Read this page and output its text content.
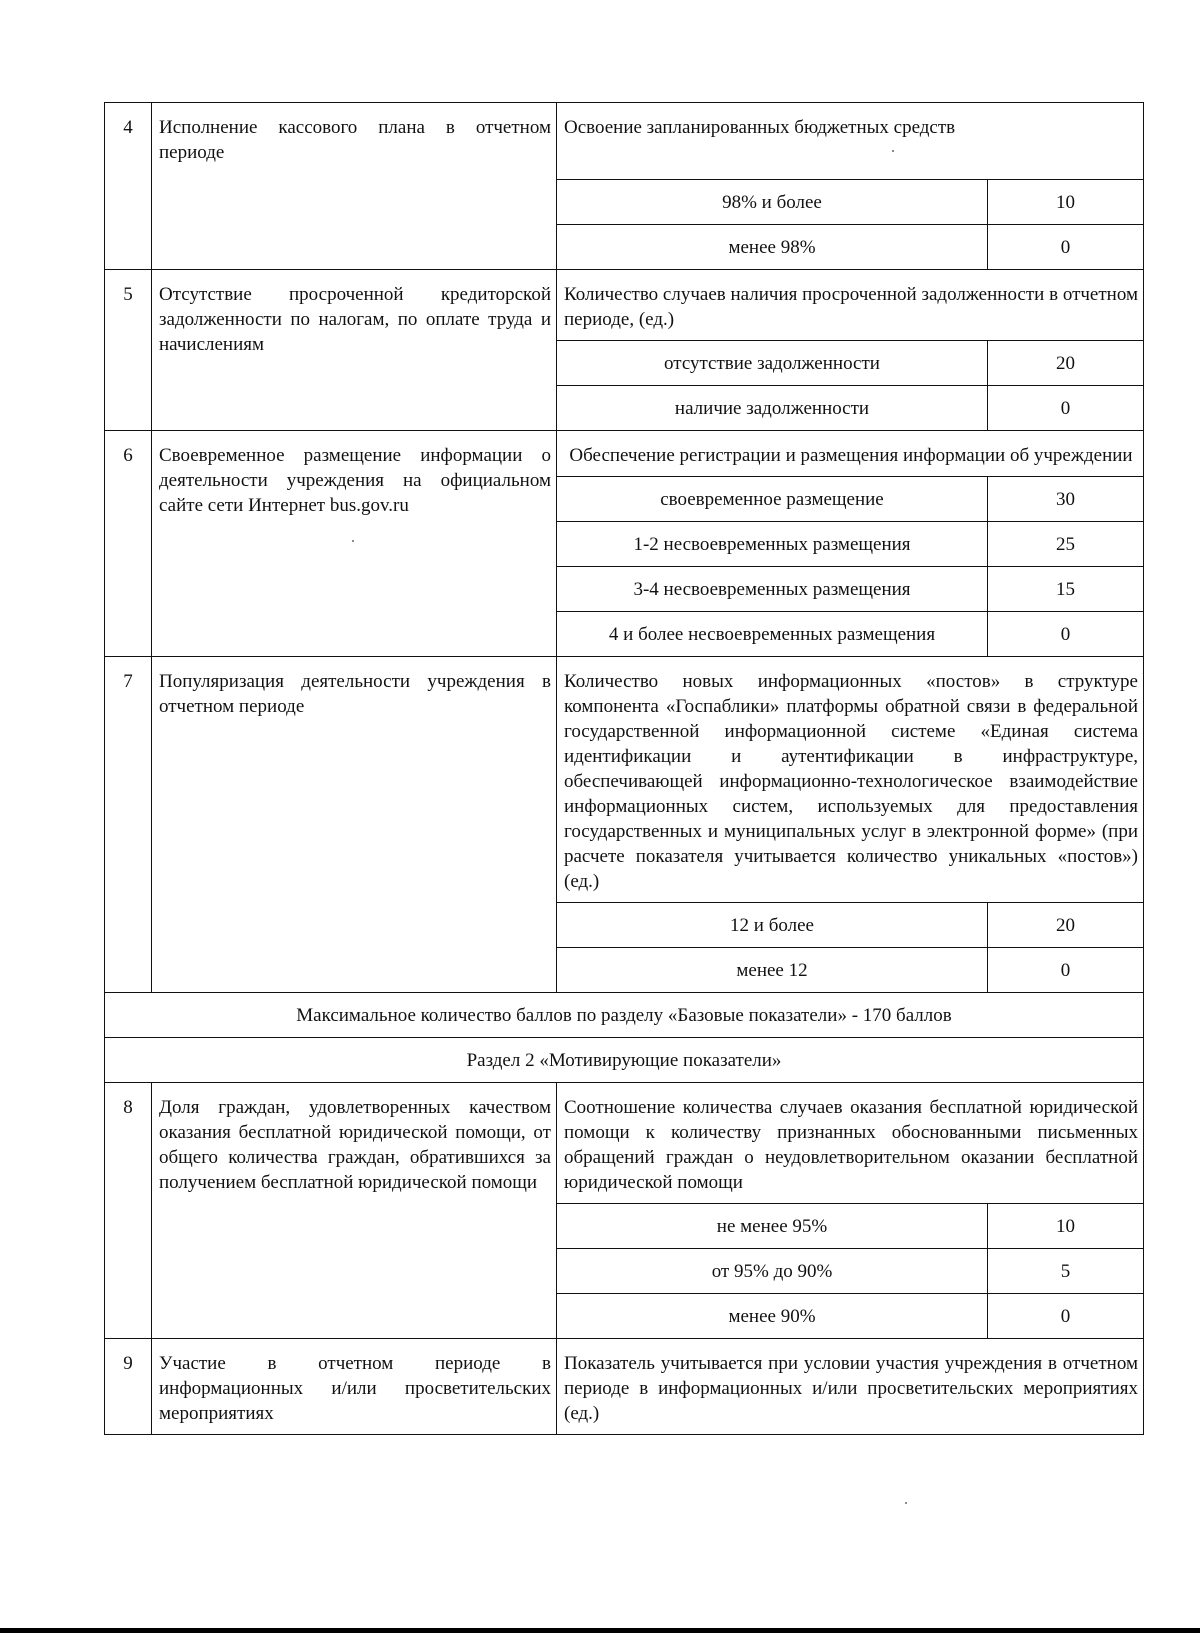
4	Исполнение кассового плана в отчетном периоде	Освоение запланированных бюджетных средств	
		98% и более	10
		менее 98%	0
5	Отсутствие просроченной кредиторской задолженности по налогам, по оплате труда и начислениям	Количество случаев наличия просроченной задолженности в отчетном периоде, (ед.)	
		отсутствие задолженности	20
		наличие задолженности	0
6	Своевременное размещение информации о деятельности учреждения на официальном сайте сети Интернет bus.gov.ru	Обеспечение регистрации и размещения информации об учреждении	
		своевременное размещение	30
		1-2 несвоевременных размещения	25
		3-4 несвоевременных размещения	15
		4 и более несвоевременных размещения	0
7	Популяризация деятельности учреждения в отчетном периоде	Количество новых информационных «постов» в структуре компонента «Госпаблики» платформы обратной связи в федеральной государственной информационной системе «Единая система идентификации и аутентификации в инфраструктуре, обеспечивающей информационно-технологическое взаимодействие информационных систем, используемых для предоставления государственных и муниципальных услуг в электронной форме» (при расчете показателя учитывается количество уникальных «постов») (ед.)	
		12 и более	20
		менее 12	0
Максимальное количество баллов по разделу «Базовые показатели» - 170 баллов			
Раздел 2 «Мотивирующие показатели»			
8	Доля граждан, удовлетворенных качеством оказания бесплатной юридической помощи, от общего количества граждан, обратившихся за получением бесплатной юридической помощи	Соотношение количества случаев оказания бесплатной юридической помощи к количеству признанных обоснованными письменных обращений граждан о неудовлетворительном оказании бесплатной юридической помощи	
		не менее 95%	10
		от 95% до 90%	5
		менее 90%	0
9	Участие в отчетном периоде в информационных и/или просветительских мероприятиях	Показатель учитывается при условии участия учреждения в отчетном периоде в информационных и/или просветительских мероприятиях (ед.)	
